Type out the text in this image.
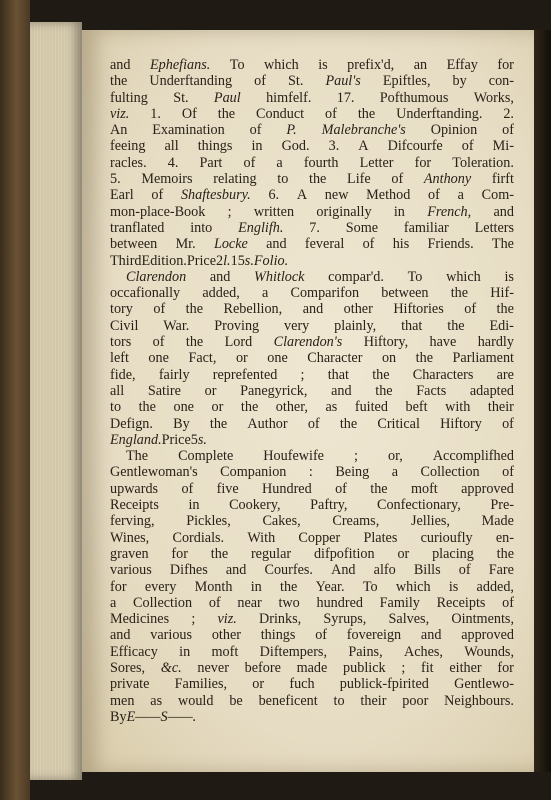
and Ephefians. To which is prefix'd, an Effay for
the Underftanding of St. Paul's Epiftles, by con-
fulting St. Paul himfelf. 17. Pofthumous Works,
viz. 1. Of the Conduct of the Underftanding. 2.
An Examination of P. Malebranche's Opinion of
feeing all things in God. 3. A Difcourfe of Mi-
racles. 4. Part of a fourth Letter for Toleration.
5. Memoirs relating to the Life of Anthony firft
Earl of Shaftesbury. 6. A new Method of a Com-
mon-place-Book ; written originally in French, and
tranflated into Englifh. 7. Some familiar Letters
between Mr. Locke and feveral of his Friends. The
Third Edition. Price 2 l. 15 s. Folio.
Clarendon and Whitlock compar'd. To which is
occafionally added, a Comparifon between the Hif-
tory of the Rebellion, and other Hiftories of the
Civil War. Proving very plainly, that the Edi-
tors of the Lord Clarendon's Hiftory, have hardly
left one Fact, or one Character on the Parliament
fide, fairly reprefented ; that the Characters are
all Satire or Panegyrick, and the Facts adapted
to the one or the other, as fuited beft with their
Defign. By the Author of the Critical Hiftory of
England. Price 5 s.
The Complete Houfewife ; or, Accomplifhed
Gentlewoman's Companion : Being a Collection of
upwards of five Hundred of the moft approved
Receipts in Cookery, Paftry, Confectionary, Pre-
ferving, Pickles, Cakes, Creams, Jellies, Made
Wines, Cordials. With Copper Plates curioufly en-
graven for the regular difpofition or placing the
various Difhes and Courfes. And alfo Bills of Fare
for every Month in the Year. To which is added,
a Collection of near two hundred Family Receipts of
Medicines ; viz. Drinks, Syrups, Salves, Ointments,
and various other things of fovereign and approved
Efficacy in moft Diftempers, Pains, Aches, Wounds,
Sores, &c. never before made publick ; fit either for
private Families, or fuch publick-fpirited Gentlewo-
men as would be beneficent to their poor Neighbours.
By E—— S——.
